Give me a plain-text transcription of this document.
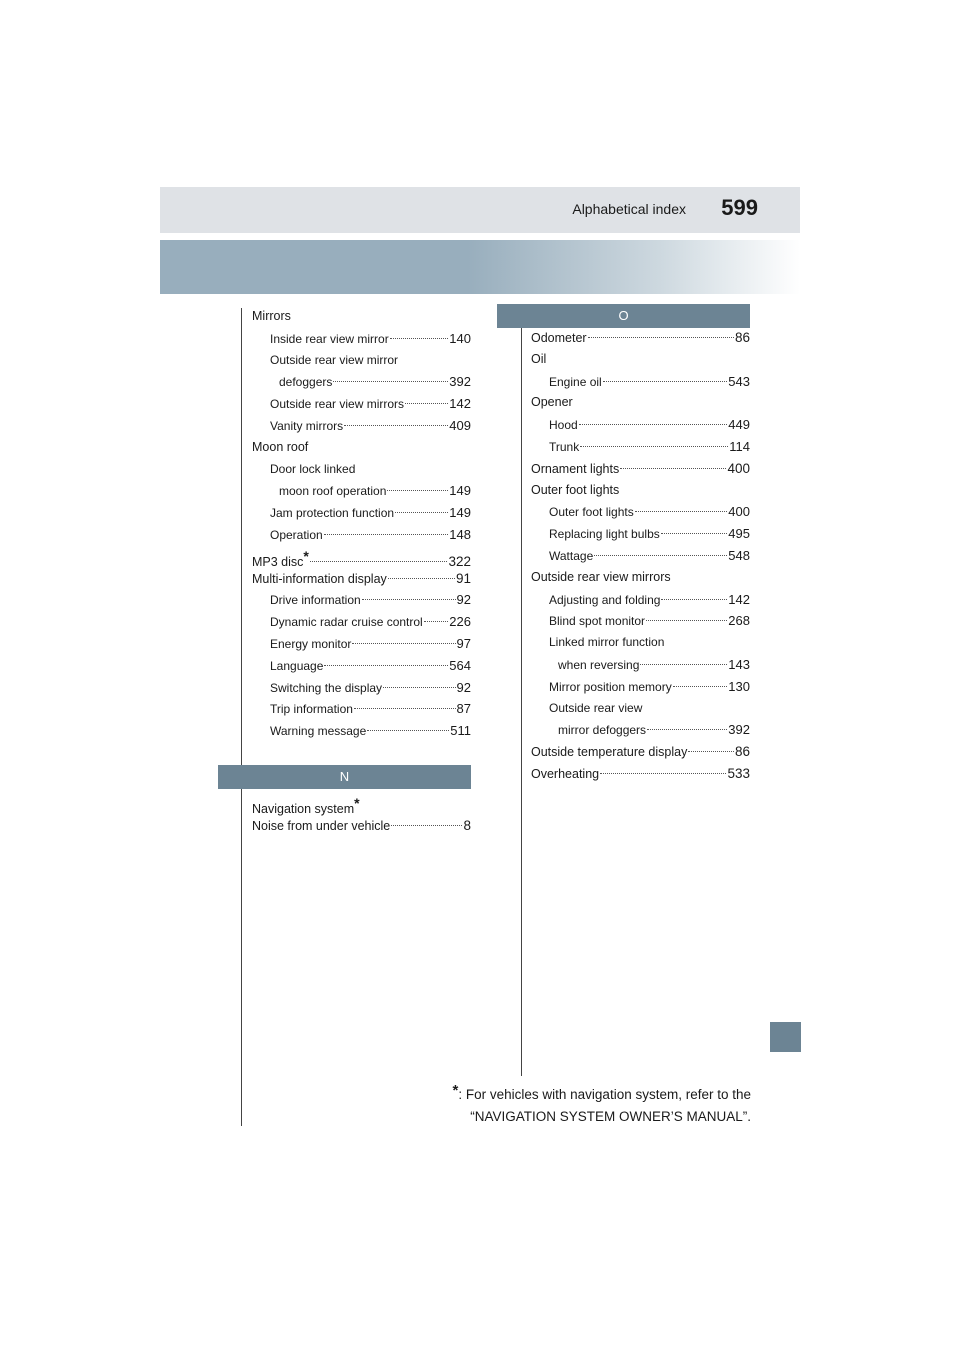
Alphabetical index 599
Mirrors
Inside rear view mirror	140
Outside rear view mirror
defoggers	392
Outside rear view mirrors	142
Vanity mirrors	409
Moon roof
Door lock linked
moon roof operation	149
Jam protection function	149
Operation	148
MP3 disc*	322
Multi-information display	91
Drive information	92
Dynamic radar cruise control 226
Energy monitor	97
Language	564
Switching the display	92
Trip information	87
Warning message	511
N
Navigation system*
Noise from under vehicle	8
O
Odometer	86
Oil
Engine oil	543
Opener
Hood	449
Trunk	114
Ornament lights	400
Outer foot lights
Outer foot lights	400
Replacing light bulbs	495
Wattage	548
Outside rear view mirrors
Adjusting and folding	142
Blind spot monitor	268
Linked mirror function
when reversing	143
Mirror position memory	130
Outside rear view
mirror defoggers	392
Outside temperature display	86
Overheating	533
*: For vehicles with navigation system, refer to the
“NAVIGATION SYSTEM OWNER’S MANUAL”.
